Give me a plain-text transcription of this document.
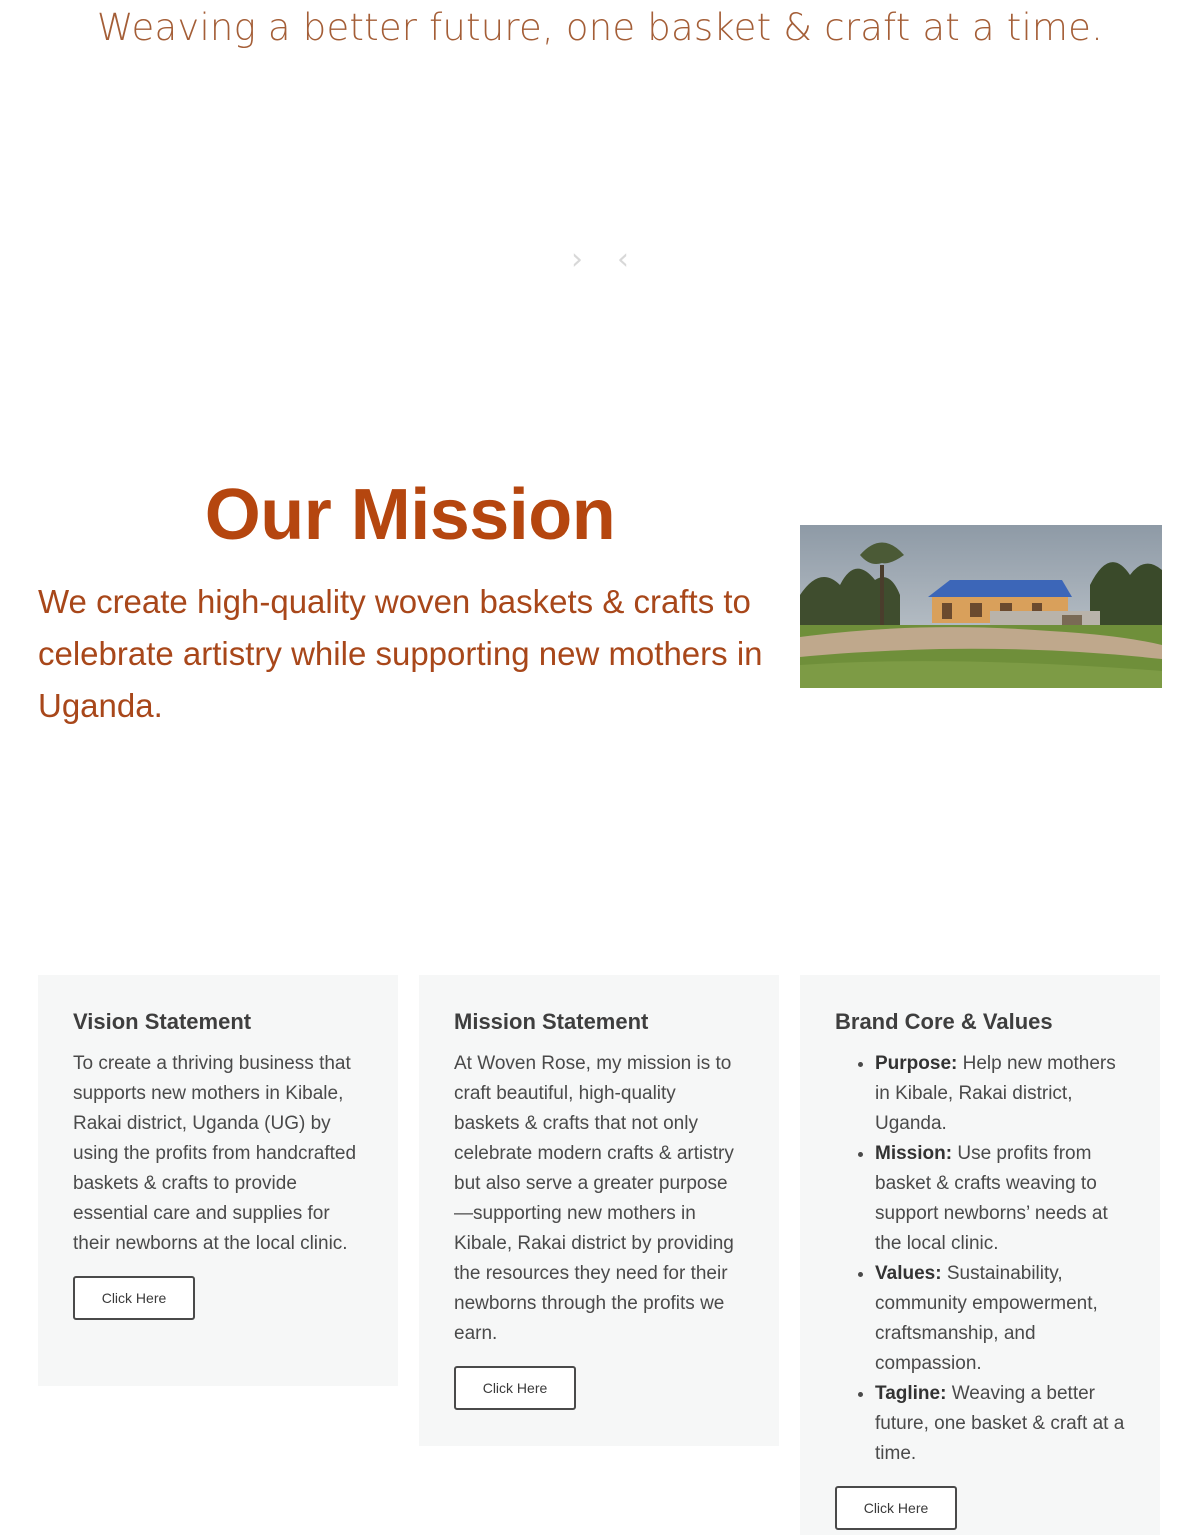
Weaving a better future, one basket & craft at a time.
› ‹
Our Mission

We create high-quality woven baskets & crafts to celebrate artistry while supporting new mothers in Uganda.

Vision Statement

To create a thriving business that supports new mothers in Kibale, Rakai district, Uganda (UG) by using the profits from handcrafted baskets & crafts to provide essential care and supplies for their newborns at the local clinic.

Click Here
Mission Statement

At Woven Rose, my mission is to craft beautiful, high-quality baskets & crafts that not only celebrate modern crafts & artistry but also serve a greater purpose—supporting new mothers in Kibale, Rakai district by providing the resources they need for their newborns through the profits we earn.

Click Here
Brand Core & Values
• Purpose: Help new mothers in Kibale, Rakai district, Uganda.
• Mission: Use profits from basket & crafts weaving to support newborns’ needs at the local clinic.
• Values: Sustainability, community empowerment, craftsmanship, and compassion.
• Tagline: Weaving a better future, one basket & craft at a time.
Click Here
